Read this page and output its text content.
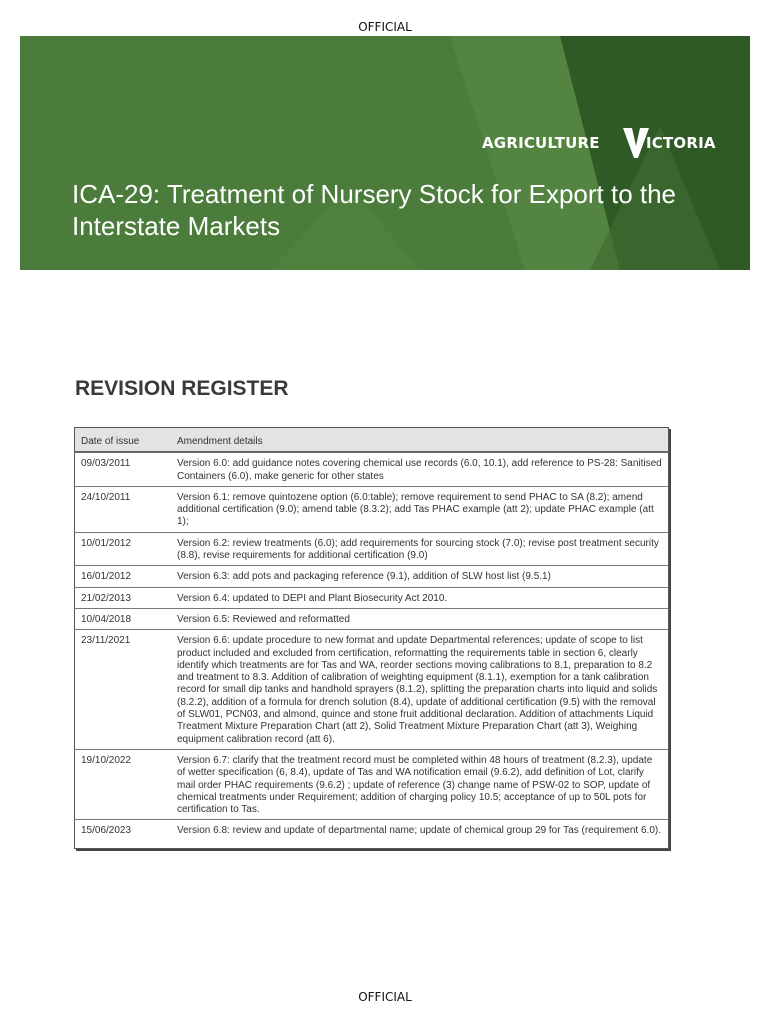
OFFICIAL
AGRICULTURE	ICTORIA
ICA-29: Treatment of Nursery Stock for Export to the Interstate Markets
REVISION REGISTER
Date of issue	Amendment details
09/03/2011	Version 6.0: add guidance notes covering chemical use records (6.0, 10.1), add reference to PS-28: Sanitised Containers (6.0), make generic for other states
24/10/2011	Version 6.1: remove quintozene option (6.0:table); remove requirement to send PHAC to SA (8.2); amend additional certification (9.0); amend table (8.3.2); add Tas PHAC example (att 2); update PHAC example (att 1);
10/01/2012	Version 6.2: review treatments (6.0); add requirements for sourcing stock (7.0); revise post treatment security (8.8), revise requirements for additional certification (9.0)
16/01/2012	Version 6.3: add pots and packaging reference (9.1), addition of SLW host list (9.5.1)
21/02/2013	Version 6.4: updated to DEPI and Plant Biosecurity Act 2010.
10/04/2018	Version 6.5: Reviewed and reformatted
23/11/2021	Version 6.6: update procedure to new format and update Departmental references; update of scope to list product included and excluded from certification, reformatting the requirements table in section 6, clearly identify which treatments are for Tas and WA, reorder sections moving calibrations to 8.1, preparation to 8.2 and treatment to 8.3. Addition of calibration of weighting equipment (8.1.1), exemption for a tank calibration record for small dip tanks and handhold sprayers (8.1.2), splitting the preparation charts into liquid and solids (8.2.2), addition of a formula for drench solution (8.4), update of additional certification (9.5) with the removal of SLW01, PCN03, and almond, quince and stone fruit additional declaration. Addition of attachments Liquid Treatment Mixture Preparation Chart (att 2), Solid Treatment Mixture Preparation Chart (att 3), Weighing equipment calibration record (att 6).
19/10/2022	Version 6.7: clarify that the treatment record must be completed within 48 hours of treatment (8.2.3), update of wetter specification (6, 8.4), update of Tas and WA notification email (9.6.2), add definition of Lot, clarify mail order PHAC requirements (9.6.2) ; update of reference (3) change name of PSW-02 to SOP, update of chemical treatments under Requirement; addition of charging policy 10.5; acceptance of up to 50L pots for certification to Tas.
15/06/2023	Version 6.8: review and update of departmental name; update of chemical group 29 for Tas (requirement 6.0).
OFFICIAL
